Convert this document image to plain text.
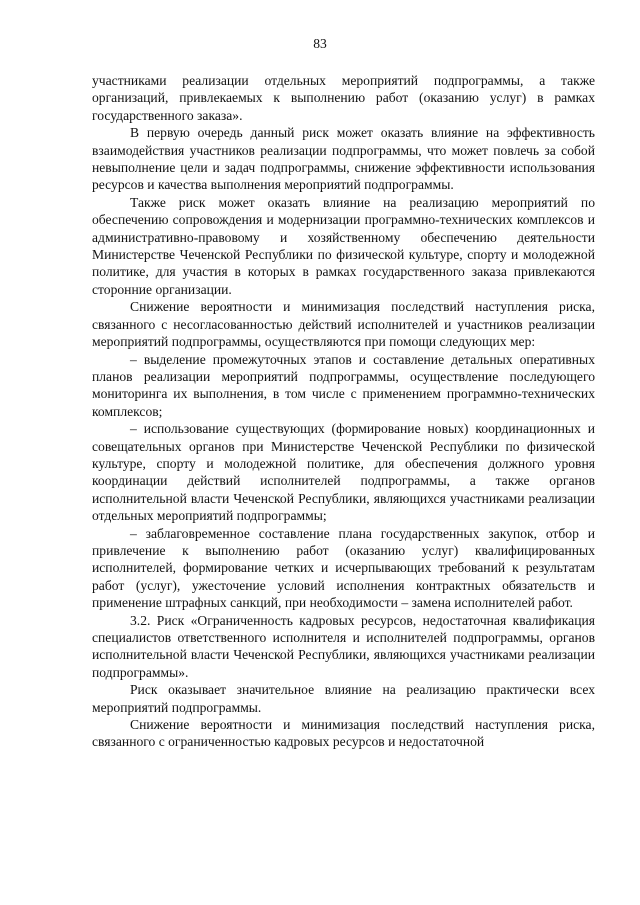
83

участниками реализации отдельных мероприятий подпрограммы, а также организаций, привлекаемых к выполнению работ (оказанию услуг) в рамках государственного заказа».

В первую очередь данный риск может оказать влияние на эффективность взаимодействия участников реализации подпрограммы, что может повлечь за собой невыполнение цели и задач подпрограммы, снижение эффективности использования ресурсов и качества выполнения мероприятий подпрограммы.

Также риск может оказать влияние на реализацию мероприятий по обеспечению сопровождения и модернизации программно-технических комплексов и административно-правовому и хозяйственному обеспечению деятельности Министерстве Чеченской Республики по физической культуре, спорту и молодежной политике, для участия в которых в рамках государственного заказа привлекаются сторонние организации.

Снижение вероятности и минимизация последствий наступления риска, связанного с несогласованностью действий исполнителей и участников реализации мероприятий подпрограммы, осуществляются при помощи следующих мер:

– выделение промежуточных этапов и составление детальных оперативных планов реализации мероприятий подпрограммы, осуществление последующего мониторинга их выполнения, в том числе с применением программно-технических комплексов;

– использование существующих (формирование новых) координационных и совещательных органов при Министерстве Чеченской Республики по физической культуре, спорту и молодежной политике, для обеспечения должного уровня координации действий исполнителей подпрограммы, а также органов исполнительной власти Чеченской Республики, являющихся участниками реализации отдельных мероприятий подпрограммы;

– заблаговременное составление плана государственных закупок, отбор и привлечение к выполнению работ (оказанию услуг) квалифицированных исполнителей, формирование четких и исчерпывающих требований к результатам работ (услуг), ужесточение условий исполнения контрактных обязательств и применение штрафных санкций, при необходимости – замена исполнителей работ.

3.2. Риск «Ограниченность кадровых ресурсов, недостаточная квалификация специалистов ответственного исполнителя и исполнителей подпрограммы, органов исполнительной власти Чеченской Республики, являющихся участниками реализации подпрограммы».

Риск оказывает значительное влияние на реализацию практически всех мероприятий подпрограммы.

Снижение вероятности и минимизация последствий наступления риска, связанного с ограниченностью кадровых ресурсов и недостаточной
